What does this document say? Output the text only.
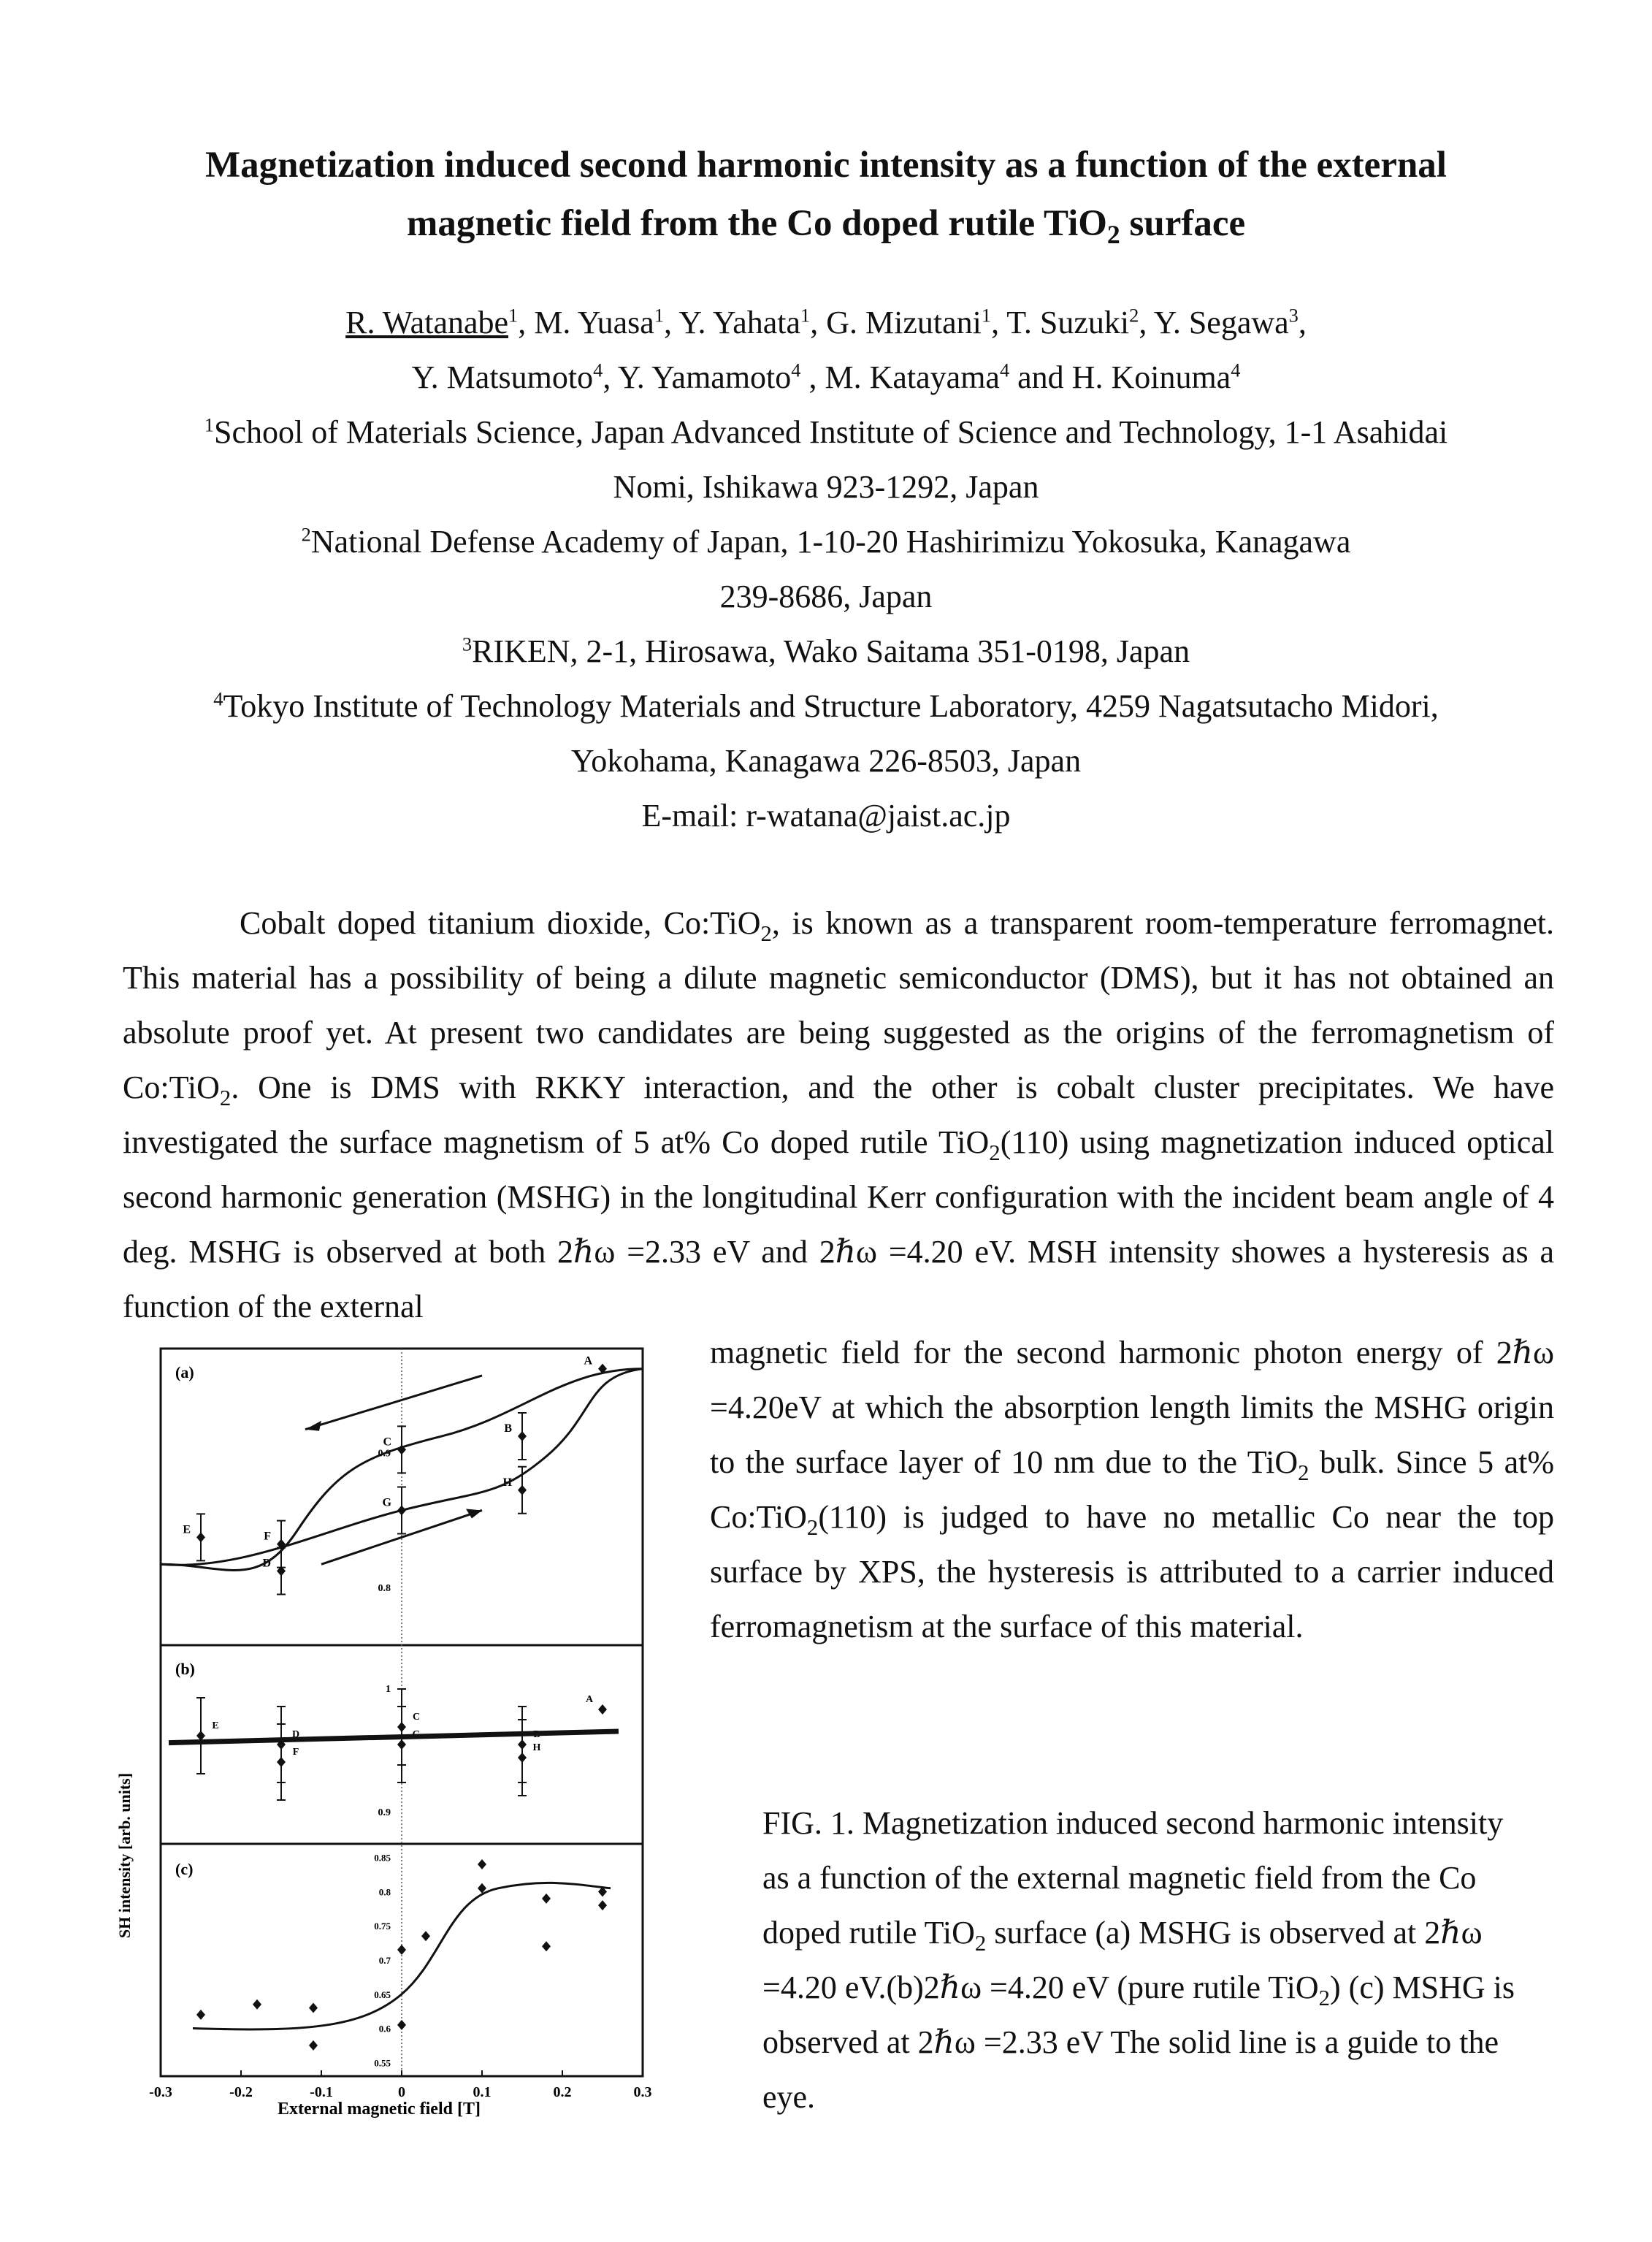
Magnetization induced second harmonic intensity as a function of the external
magnetic field from the Co doped rutile TiO$_2$ surface
R. Watanabe$^1$, M. Yuasa$^1$, Y. Yahata$^1$, G. Mizutani$^1$, T. Suzuki$^2$, Y. Segawa$^3$,
Y. Matsumoto$^4$, Y. Yamamoto$^4$ , M. Katayama$^4$ and H. Koinuma$^4$
$^1$School of Materials Science, Japan Advanced Institute of Science and Technology, 1-1 Asahidai
Nomi, Ishikawa 923-1292, Japan
$^2$National Defense Academy of Japan, 1-10-20 Hashirimizu Yokosuka, Kanagawa
239-8686, Japan
$^3$RIKEN, 2-1, Hirosawa, Wako Saitama 351-0198, Japan
$^4$Tokyo Institute of Technology Materials and Structure Laboratory, 4259 Nagatsutacho Midori,
Yokohama, Kanagawa 226-8503, Japan
E-mail: r-watana@jaist.ac.jp
Cobalt doped titanium dioxide, Co:TiO$_2$, is known as a transparent room-temperature ferromagnet. This material has a possibility of being a dilute magnetic semiconductor (DMS), but it has not obtained an absolute proof yet. At present two candidates are being suggested as the origins of the ferromagnetism of Co:TiO$_2$. One is DMS with RKKY interaction, and the other is cobalt cluster precipitates. We have investigated the surface magnetism of 5 at% Co doped rutile TiO$_2$(110) using magnetization induced optical second harmonic generation (MSHG) in the longitudinal Kerr configuration with the incident beam angle of 4 deg. MSHG is observed at both 2ℏω =2.33 eV and 2ℏω =4.20 eV. MSH intensity showes a hysteresis as a function of the external
magnetic field for the second harmonic photon energy of 2ℏω =4.20eV at which the absorption length limits the MSHG origin to the surface layer of 10 nm due to the TiO$_2$ bulk. Since 5 at% Co:TiO$_2$(110) is judged to have no metallic Co near the top surface by XPS, the hysteresis is attributed to a carrier induced ferromagnetism at the surface of this material.
FIG. 1. Magnetization induced second harmonic intensity as a function of the external magnetic field from the Co doped rutile TiO$_2$ surface (a) MSHG is observed at 2ℏω =4.20 eV.(b)2ℏω =4.20 eV (pure rutile TiO$_2$) (c) MSHG is observed at 2ℏω =2.33 eV The solid line is a guide to the eye.
-0.3	-0.2	-0.1	0	0.1	0.2	0.3
A
B
C
D
E
F
G
H
0.9
0.8
A
C
D
E
F	H
1
0.9
0.85
0.8
0.75
0.7
0.65
0.6
0.55
(a)
(b)
(c)
External magnetic field [T]
SH intensity [arb. units]
